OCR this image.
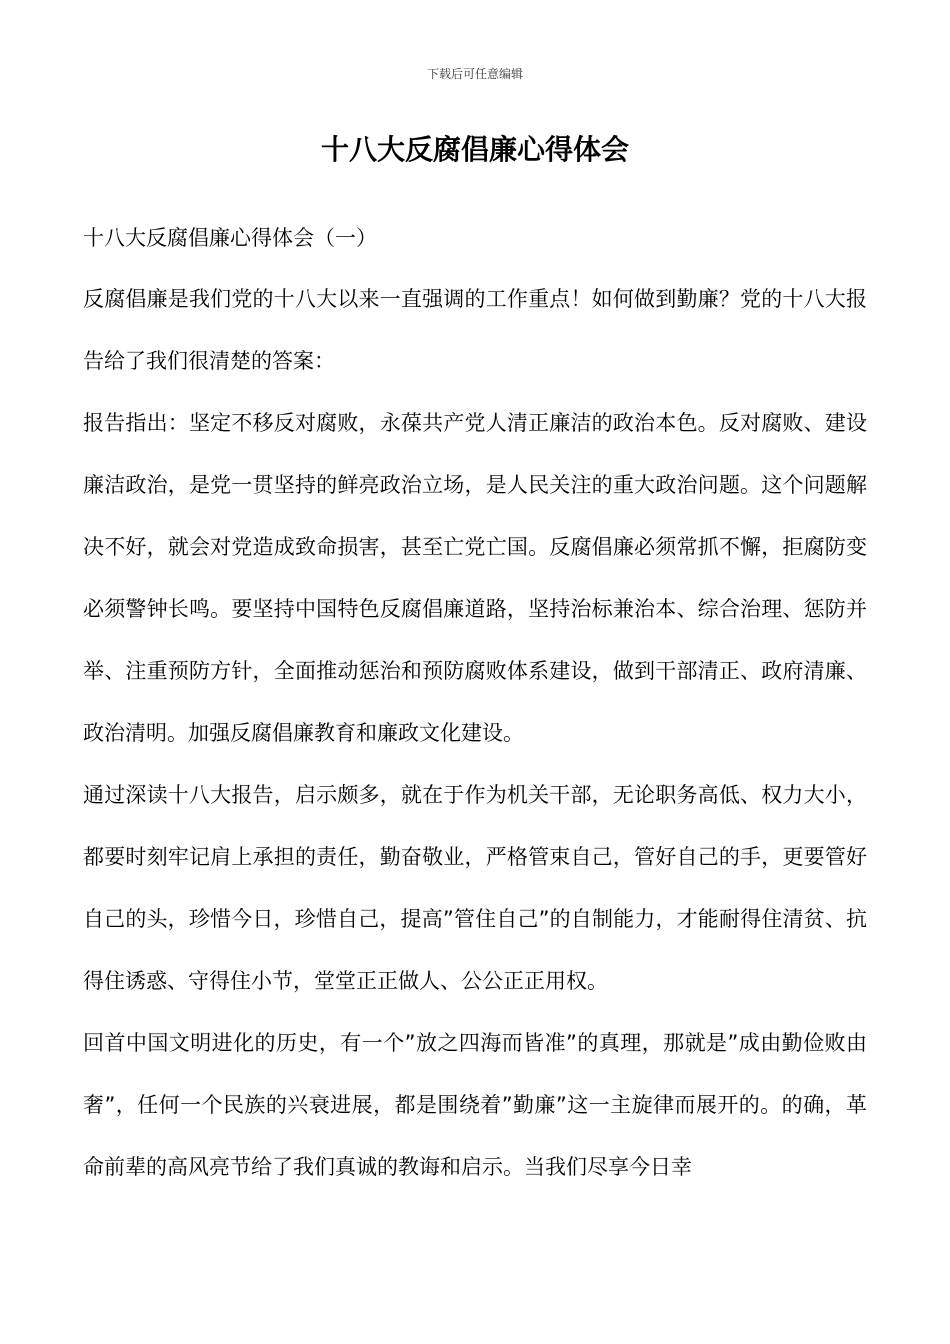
下载后可任意编辑
十八大反腐倡廉心得体会

十八大反腐倡廉心得体会（一）

反腐倡廉是我们党的十八大以来一直强调的工作重点！如何做到勤廉？党的十八大报告给了我们很清楚的答案：

报告指出：坚定不移反对腐败，永葆共产党人清正廉洁的政治本色。反对腐败、建设廉洁政治，是党一贯坚持的鲜亮政治立场，是人民关注的重大政治问题。这个问题解决不好，就会对党造成致命损害，甚至亡党亡国。反腐倡廉必须常抓不懈，拒腐防变必须警钟长鸣。要坚持中国特色反腐倡廉道路，坚持治标兼治本、综合治理、惩防并举、注重预防方针，全面推动惩治和预防腐败体系建设，做到干部清正、政府清廉、政治清明。加强反腐倡廉教育和廉政文化建设。

通过深读十八大报告，启示颇多，就在于作为机关干部，无论职务高低、权力大小，都要时刻牢记肩上承担的责任，勤奋敬业，严格管束自己，管好自己的手，更要管好自己的头，珍惜今日，珍惜自己，提高”管住自己”的自制能力，才能耐得住清贫、抗得住诱惑、守得住小节，堂堂正正做人、公公正正用权。

回首中国文明进化的历史，有一个”放之四海而皆准”的真理，那就是”成由勤俭败由奢”，任何一个民族的兴衰进展，都是围绕着”勤廉”这一主旋律而展开的。的确，革命前辈的高风亮节给了我们真诚的教诲和启示。当我们尽享今日幸
